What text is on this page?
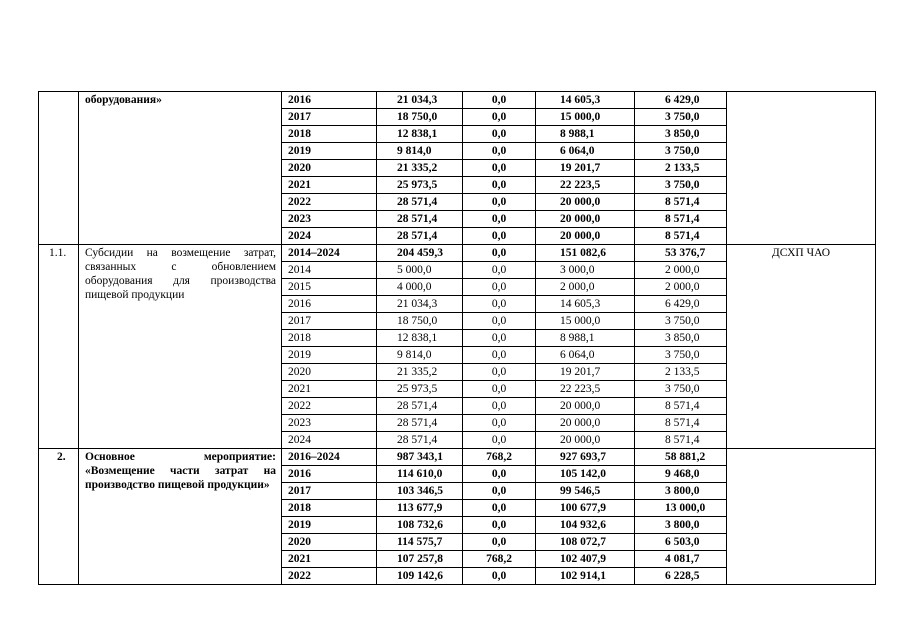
	оборудования»	2016	21 034,3	0,0	14 605,3	6 429,0	
		2017	18 750,0	0,0	15 000,0	3 750,0	
		2018	12 838,1	0,0	8 988,1	3 850,0	
		2019	9 814,0	0,0	6 064,0	3 750,0	
		2020	21 335,2	0,0	19 201,7	2 133,5	
		2021	25 973,5	0,0	22 223,5	3 750,0	
		2022	28 571,4	0,0	20 000,0	8 571,4	
		2023	28 571,4	0,0	20 000,0	8 571,4	
		2024	28 571,4	0,0	20 000,0	8 571,4	
1.1.	Субсидии на возмещение затрат, связанных с обновлением оборудования для производства пищевой продукции	2014–2024	204 459,3	0,0	151 082,6	53 376,7	ДСХП ЧАО
		2014	5 000,0	0,0	3 000,0	2 000,0	
		2015	4 000,0	0,0	2 000,0	2 000,0	
		2016	21 034,3	0,0	14 605,3	6 429,0	
		2017	18 750,0	0,0	15 000,0	3 750,0	
		2018	12 838,1	0,0	8 988,1	3 850,0	
		2019	9 814,0	0,0	6 064,0	3 750,0	
		2020	21 335,2	0,0	19 201,7	2 133,5	
		2021	25 973,5	0,0	22 223,5	3 750,0	
		2022	28 571,4	0,0	20 000,0	8 571,4	
		2023	28 571,4	0,0	20 000,0	8 571,4	
		2024	28 571,4	0,0	20 000,0	8 571,4	
2.	Основное мероприятие: «Возмещение части затрат на производство пищевой продукции»	2016–2024	987 343,1	768,2	927 693,7	58 881,2	
		2016	114 610,0	0,0	105 142,0	9 468,0	
		2017	103 346,5	0,0	99 546,5	3 800,0	
		2018	113 677,9	0,0	100 677,9	13 000,0	
		2019	108 732,6	0,0	104 932,6	3 800,0	
		2020	114 575,7	0,0	108 072,7	6 503,0	
		2021	107 257,8	768,2	102 407,9	4 081,7	
		2022	109 142,6	0,0	102 914,1	6 228,5	
